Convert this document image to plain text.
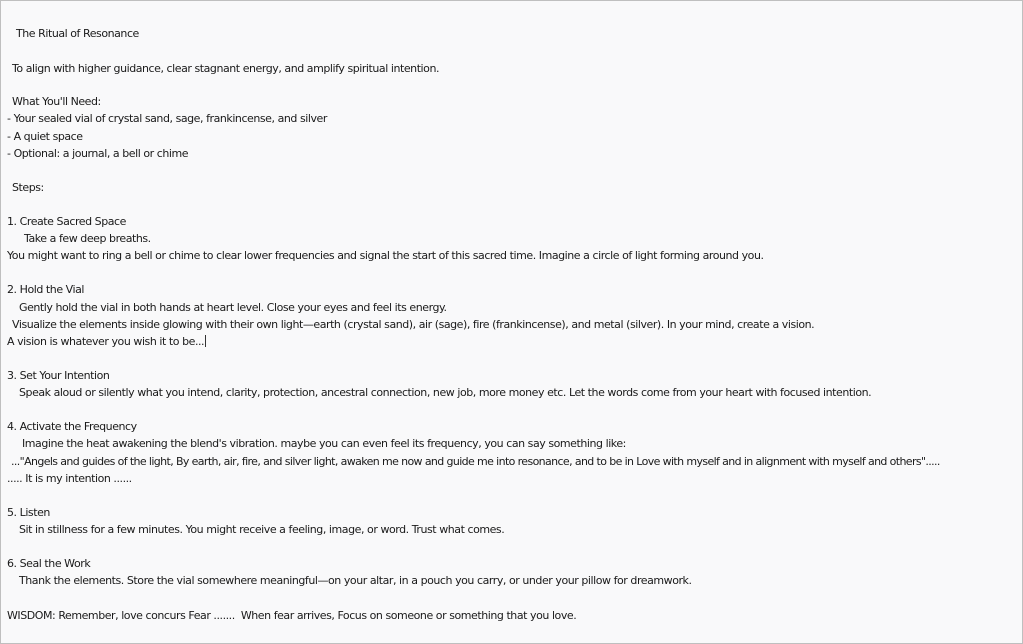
The Ritual of Resonance
To align with higher guidance, clear stagnant energy, and amplify spiritual intention.
What You'll Need:
- Your sealed vial of crystal sand, sage, frankincense, and silver
- A quiet space
- Optional: a journal, a bell or chime
Steps:
1. Create Sacred Space
Take a few deep breaths.
You might want to ring a bell or chime to clear lower frequencies and signal the start of this sacred time. Imagine a circle of light forming around you.
2. Hold the Vial
Gently hold the vial in both hands at heart level. Close your eyes and feel its energy.
Visualize the elements inside glowing with their own light—earth (crystal sand), air (sage), fire (frankincense), and metal (silver). In your mind, create a vision.
A vision is whatever you wish it to be...
3. Set Your Intention
Speak aloud or silently what you intend, clarity, protection, ancestral connection, new job, more money etc. Let the words come from your heart with focused intention.
4. Activate the Frequency
Imagine the heat awakening the blend's vibration. maybe you can even feel its frequency, you can say something like:
..."Angels and guides of the light, By earth, air, fire, and silver light, awaken me now and guide me into resonance, and to be in Love with myself and in alignment with myself and others".....
..... It is my intention ......
5. Listen
Sit in stillness for a few minutes. You might receive a feeling, image, or word. Trust what comes.
6. Seal the Work
Thank the elements. Store the vial somewhere meaningful—on your altar, in a pouch you carry, or under your pillow for dreamwork.
WISDOM: Remember, love concurs Fear .......  When fear arrives, Focus on someone or something that you love.
